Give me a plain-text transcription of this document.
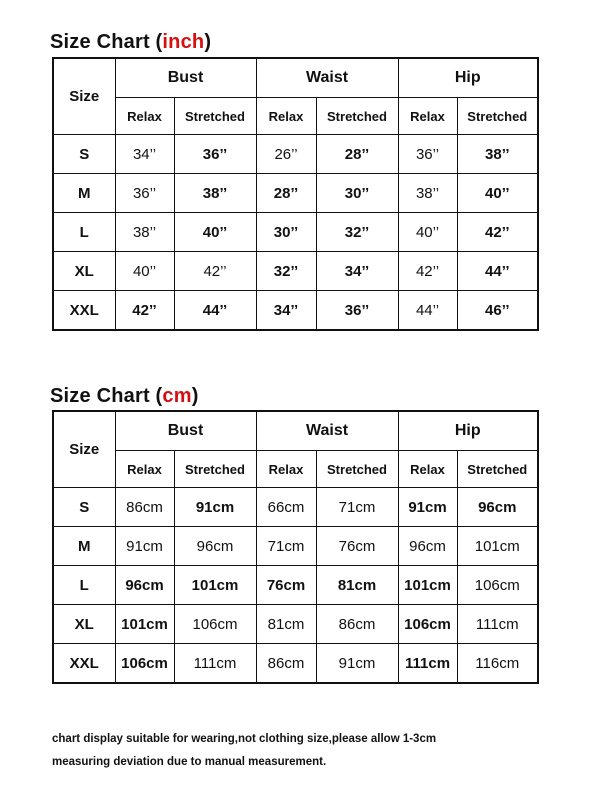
Size Chart (inch)
Size	Bust		Waist		Hip	
	Relax	Stretched	Relax	Stretched	Relax	Stretched
S	34’’	36’’	26’’	28’’	36’’	38’’
M	36’’	38’’	28’’	30’’	38’’	40’’
L	38’’	40’’	30’’	32’’	40’’	42’’
XL	40’’	42’’	32’’	34’’	42’’	44’’
XXL	42’’	44’’	34’’	36’’	44’’	46’’
Size Chart (cm)
Size	Bust		Waist		Hip	
	Relax	Stretched	Relax	Stretched	Relax	Stretched
S	86cm	91cm	66cm	71cm	91cm	96cm
M	91cm	96cm	71cm	76cm	96cm	101cm
L	96cm	101cm	76cm	81cm	101cm	106cm
XL	101cm	106cm	81cm	86cm	106cm	111cm
XXL	106cm	111cm	86cm	91cm	111cm	116cm
chart display suitable for wearing,not clothing size,please allow 1-3cm
measuring deviation due to manual measurement.
